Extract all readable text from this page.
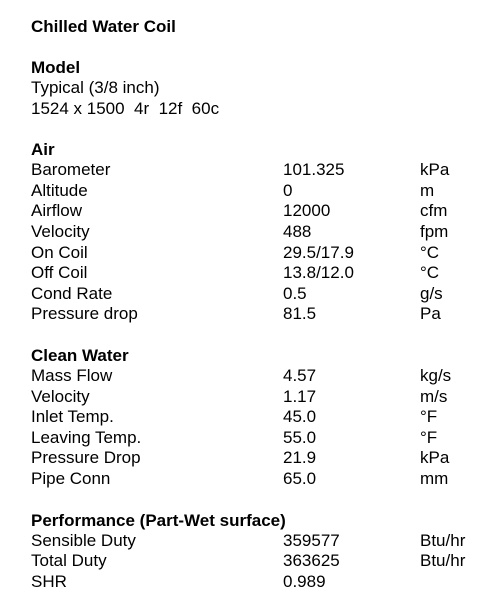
Chilled Water Coil
Model
Typical (3/8 inch)
1524 x 1500  4r  12f  60c
Air
Barometer	101.325	kPa
Altitude	0	m
Airflow	12000	cfm
Velocity	488	fpm
On Coil	29.5/17.9	°C
Off Coil	13.8/12.0	°C
Cond Rate	0.5	g/s
Pressure drop	81.5	Pa
Clean Water
Mass Flow	4.57	kg/s
Velocity	1.17	m/s
Inlet Temp.	45.0	°F
Leaving Temp.	55.0	°F
Pressure Drop	21.9	kPa
Pipe Conn	65.0	mm
Performance (Part-Wet surface)
Sensible Duty	359577	Btu/hr
Total Duty	363625	Btu/hr
SHR	0.989
